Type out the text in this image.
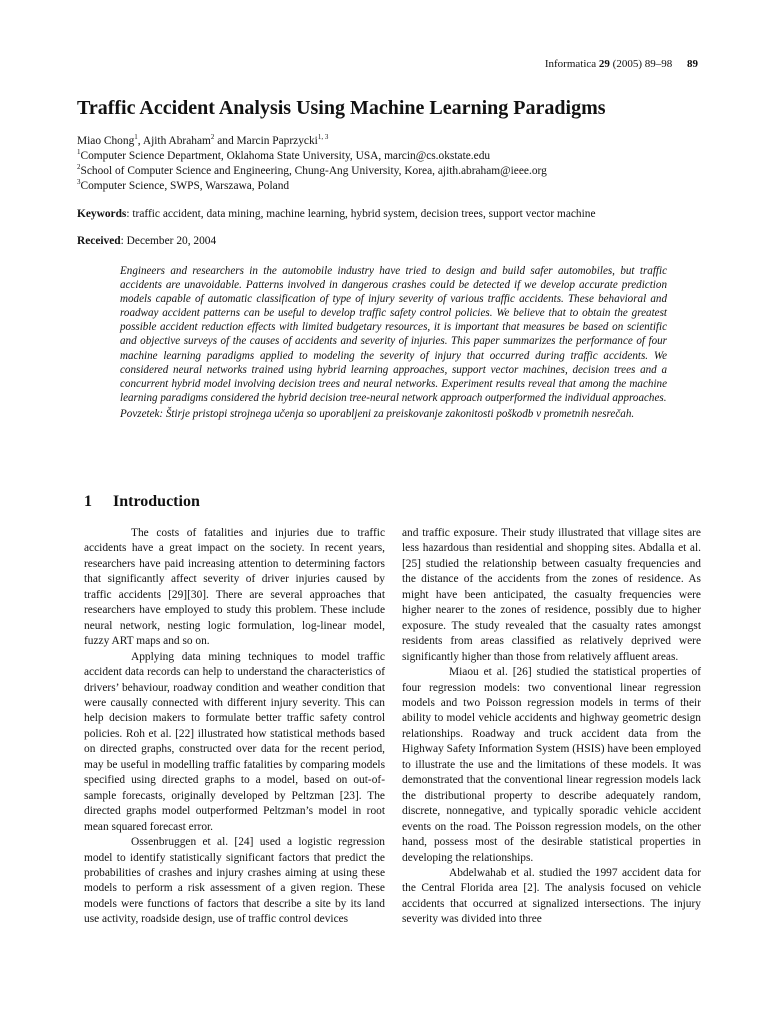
Informatica 29 (2005) 89–98 89
Traffic Accident Analysis Using Machine Learning Paradigms
Miao Chong$^1$, Ajith Abraham$^2$ and Marcin Paprzycki$^{1, 3}$
$^1$Computer Science Department, Oklahoma State University, USA, marcin@cs.okstate.edu
$^2$School of Computer Science and Engineering, Chung-Ang University, Korea, ajith.abraham@ieee.org
$^3$Computer Science, SWPS, Warszawa, Poland
Keywords: traffic accident, data mining, machine learning, hybrid system, decision trees, support vector machine
Received: December 20, 2004

Engineers and researchers in the automobile industry have tried to design and build safer automobiles, but traffic accidents are unavoidable. Patterns involved in dangerous crashes could be detected if we develop accurate prediction models capable of automatic classification of type of injury severity of various traffic accidents. These behavioral and roadway accident patterns can be useful to develop traffic safety control policies. We believe that to obtain the greatest possible accident reduction effects with limited budgetary resources, it is important that measures be based on scientific and objective surveys of the causes of accidents and severity of injuries. This paper summarizes the performance of four machine learning paradigms applied to modeling the severity of injury that occurred during traffic accidents. We considered neural networks trained using hybrid learning approaches, support vector machines, decision trees and a concurrent hybrid model involving decision trees and neural networks. Experiment results reveal that among the machine learning paradigms considered the hybrid decision tree-neural network approach outperformed the individual approaches.

Povzetek: Štirje pristopi strojnega učenja so uporabljeni za preiskovanje zakonitosti poškodb v prometnih nesrečah.

1 Introduction

The costs of fatalities and injuries due to traffic accidents have a great impact on the society. In recent years, researchers have paid increasing attention to determining factors that significantly affect severity of driver injuries caused by traffic accidents [29][30]. There are several approaches that researchers have employed to study this problem. These include neural network, nesting logic formulation, log-linear model, fuzzy ART maps and so on.

Applying data mining techniques to model traffic accident data records can help to understand the characteristics of drivers’ behaviour, roadway condition and weather condition that were causally connected with different injury severity. This can help decision makers to formulate better traffic safety control policies. Roh et al. [22] illustrated how statistical methods based on directed graphs, constructed over data for the recent period, may be useful in modelling traffic fatalities by comparing models specified using directed graphs to a model, based on out-of-sample forecasts, originally developed by Peltzman [23]. The directed graphs model outperformed Peltzman’s model in root mean squared forecast error.

Ossenbruggen et al. [24] used a logistic regression model to identify statistically significant factors that predict the probabilities of crashes and injury crashes aiming at using these models to perform a risk assessment of a given region. These models were functions of factors that describe a site by its land use activity, roadside design, use of traffic control devices

and traffic exposure. Their study illustrated that village sites are less hazardous than residential and shopping sites. Abdalla et al. [25] studied the relationship between casualty frequencies and the distance of the accidents from the zones of residence. As might have been anticipated, the casualty frequencies were higher nearer to the zones of residence, possibly due to higher exposure. The study revealed that the casualty rates amongst residents from areas classified as relatively deprived were significantly higher than those from relatively affluent areas.

Miaou et al. [26] studied the statistical properties of four regression models: two conventional linear regression models and two Poisson regression models in terms of their ability to model vehicle accidents and highway geometric design relationships. Roadway and truck accident data from the Highway Safety Information System (HSIS) have been employed to illustrate the use and the limitations of these models. It was demonstrated that the conventional linear regression models lack the distributional property to describe adequately random, discrete, nonnegative, and typically sporadic vehicle accident events on the road. The Poisson regression models, on the other hand, possess most of the desirable statistical properties in developing the relationships.

Abdelwahab et al. studied the 1997 accident data for the Central Florida area [2]. The analysis focused on vehicle accidents that occurred at signalized intersections. The injury severity was divided into three
